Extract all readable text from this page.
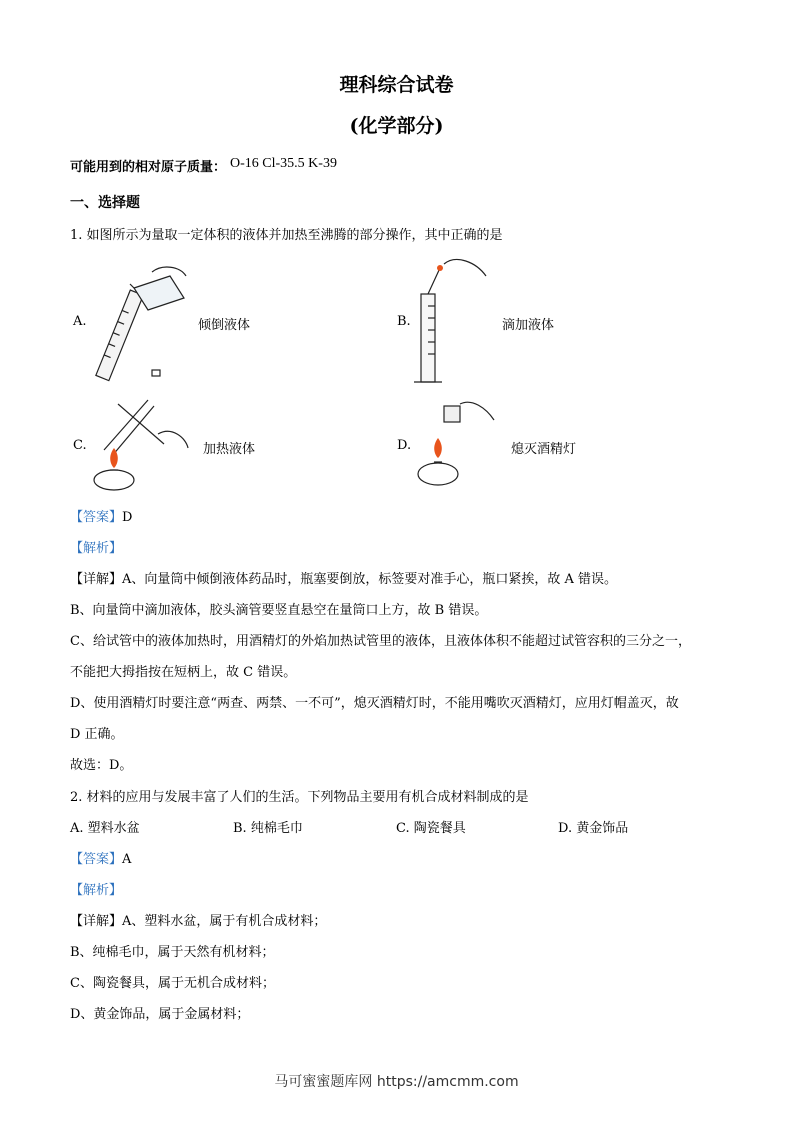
理科综合试卷
(化学部分)
可能用到的相对原子质量： O-16 Cl-35.5 K-39
一、选择题
1. 如图所示为量取一定体积的液体并加热至沸腾的部分操作，其中正确的是
A.	倾倒液体	B.	滴加液体
C.	加热液体	D.	熄灭酒精灯
【答案】D
【解析】
【详解】A、向量筒中倾倒液体药品时，瓶塞要倒放，标签要对准手心，瓶口紧挨，故 A 错误。
B、向量筒中滴加液体，胶头滴管要竖直悬空在量筒口上方，故 B 错误。
C、给试管中的液体加热时，用酒精灯的外焰加热试管里的液体，且液体体积不能超过试管容积的三分之一，
不能把大拇指按在短柄上，故 C 错误。
D、使用酒精灯时要注意“两查、两禁、一不可”，熄灭酒精灯时，不能用嘴吹灭酒精灯，应用灯帽盖灭，故
D 正确。
故选：D。
2. 材料的应用与发展丰富了人们的生活。下列物品主要用有机合成材料制成的是
A. 塑料水盆	B. 纯棉毛巾	C. 陶瓷餐具	D. 黄金饰品
【答案】A
【解析】
【详解】A、塑料水盆，属于有机合成材料；
B、纯棉毛巾，属于天然有机材料；
C、陶瓷餐具，属于无机合成材料；
D、黄金饰品，属于金属材料；
马可蜜蜜题库网 https://amcmm.com
